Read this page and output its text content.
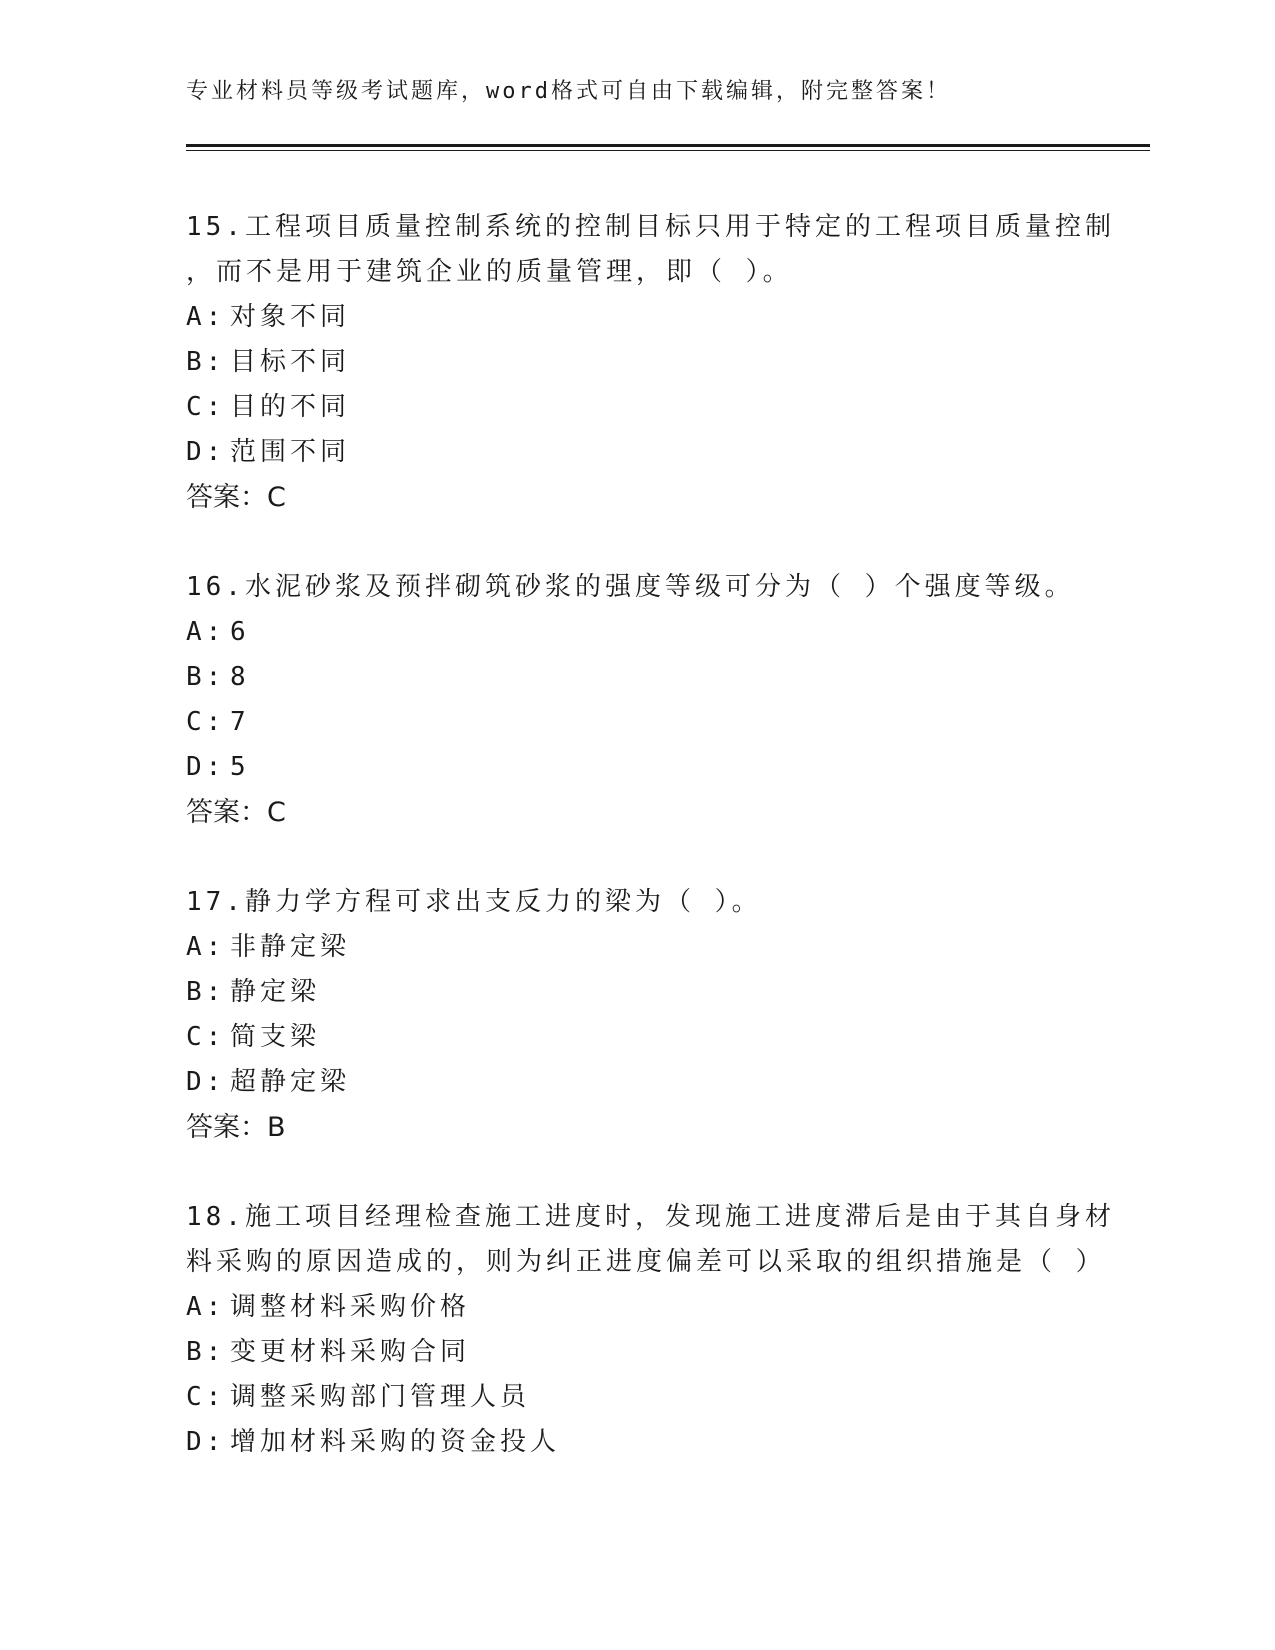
专业材料员等级考试题库，word格式可自由下载编辑，附完整答案！
15.工程项目质量控制系统的控制目标只用于特定的工程项目质量控制
，而不是用于建筑企业的质量管理，即（ ）。
A: 对象不同
B: 目标不同
C: 目的不同
D: 范围不同
答案：C
16.水泥砂浆及预拌砌筑砂浆的强度等级可分为（ ）个强度等级。
A: 6
B: 8
C: 7
D: 5
答案：C
17.静力学方程可求出支反力的梁为（ ）。
A: 非静定梁
B: 静定梁
C: 简支梁
D: 超静定梁
答案：B
18.施工项目经理检查施工进度时，发现施工进度滞后是由于其自身材
料采购的原因造成的，则为纠正进度偏差可以采取的组织措施是（ ）
A: 调整材料采购价格
B: 变更材料采购合同
C: 调整采购部门管理人员
D: 增加材料采购的资金投人
